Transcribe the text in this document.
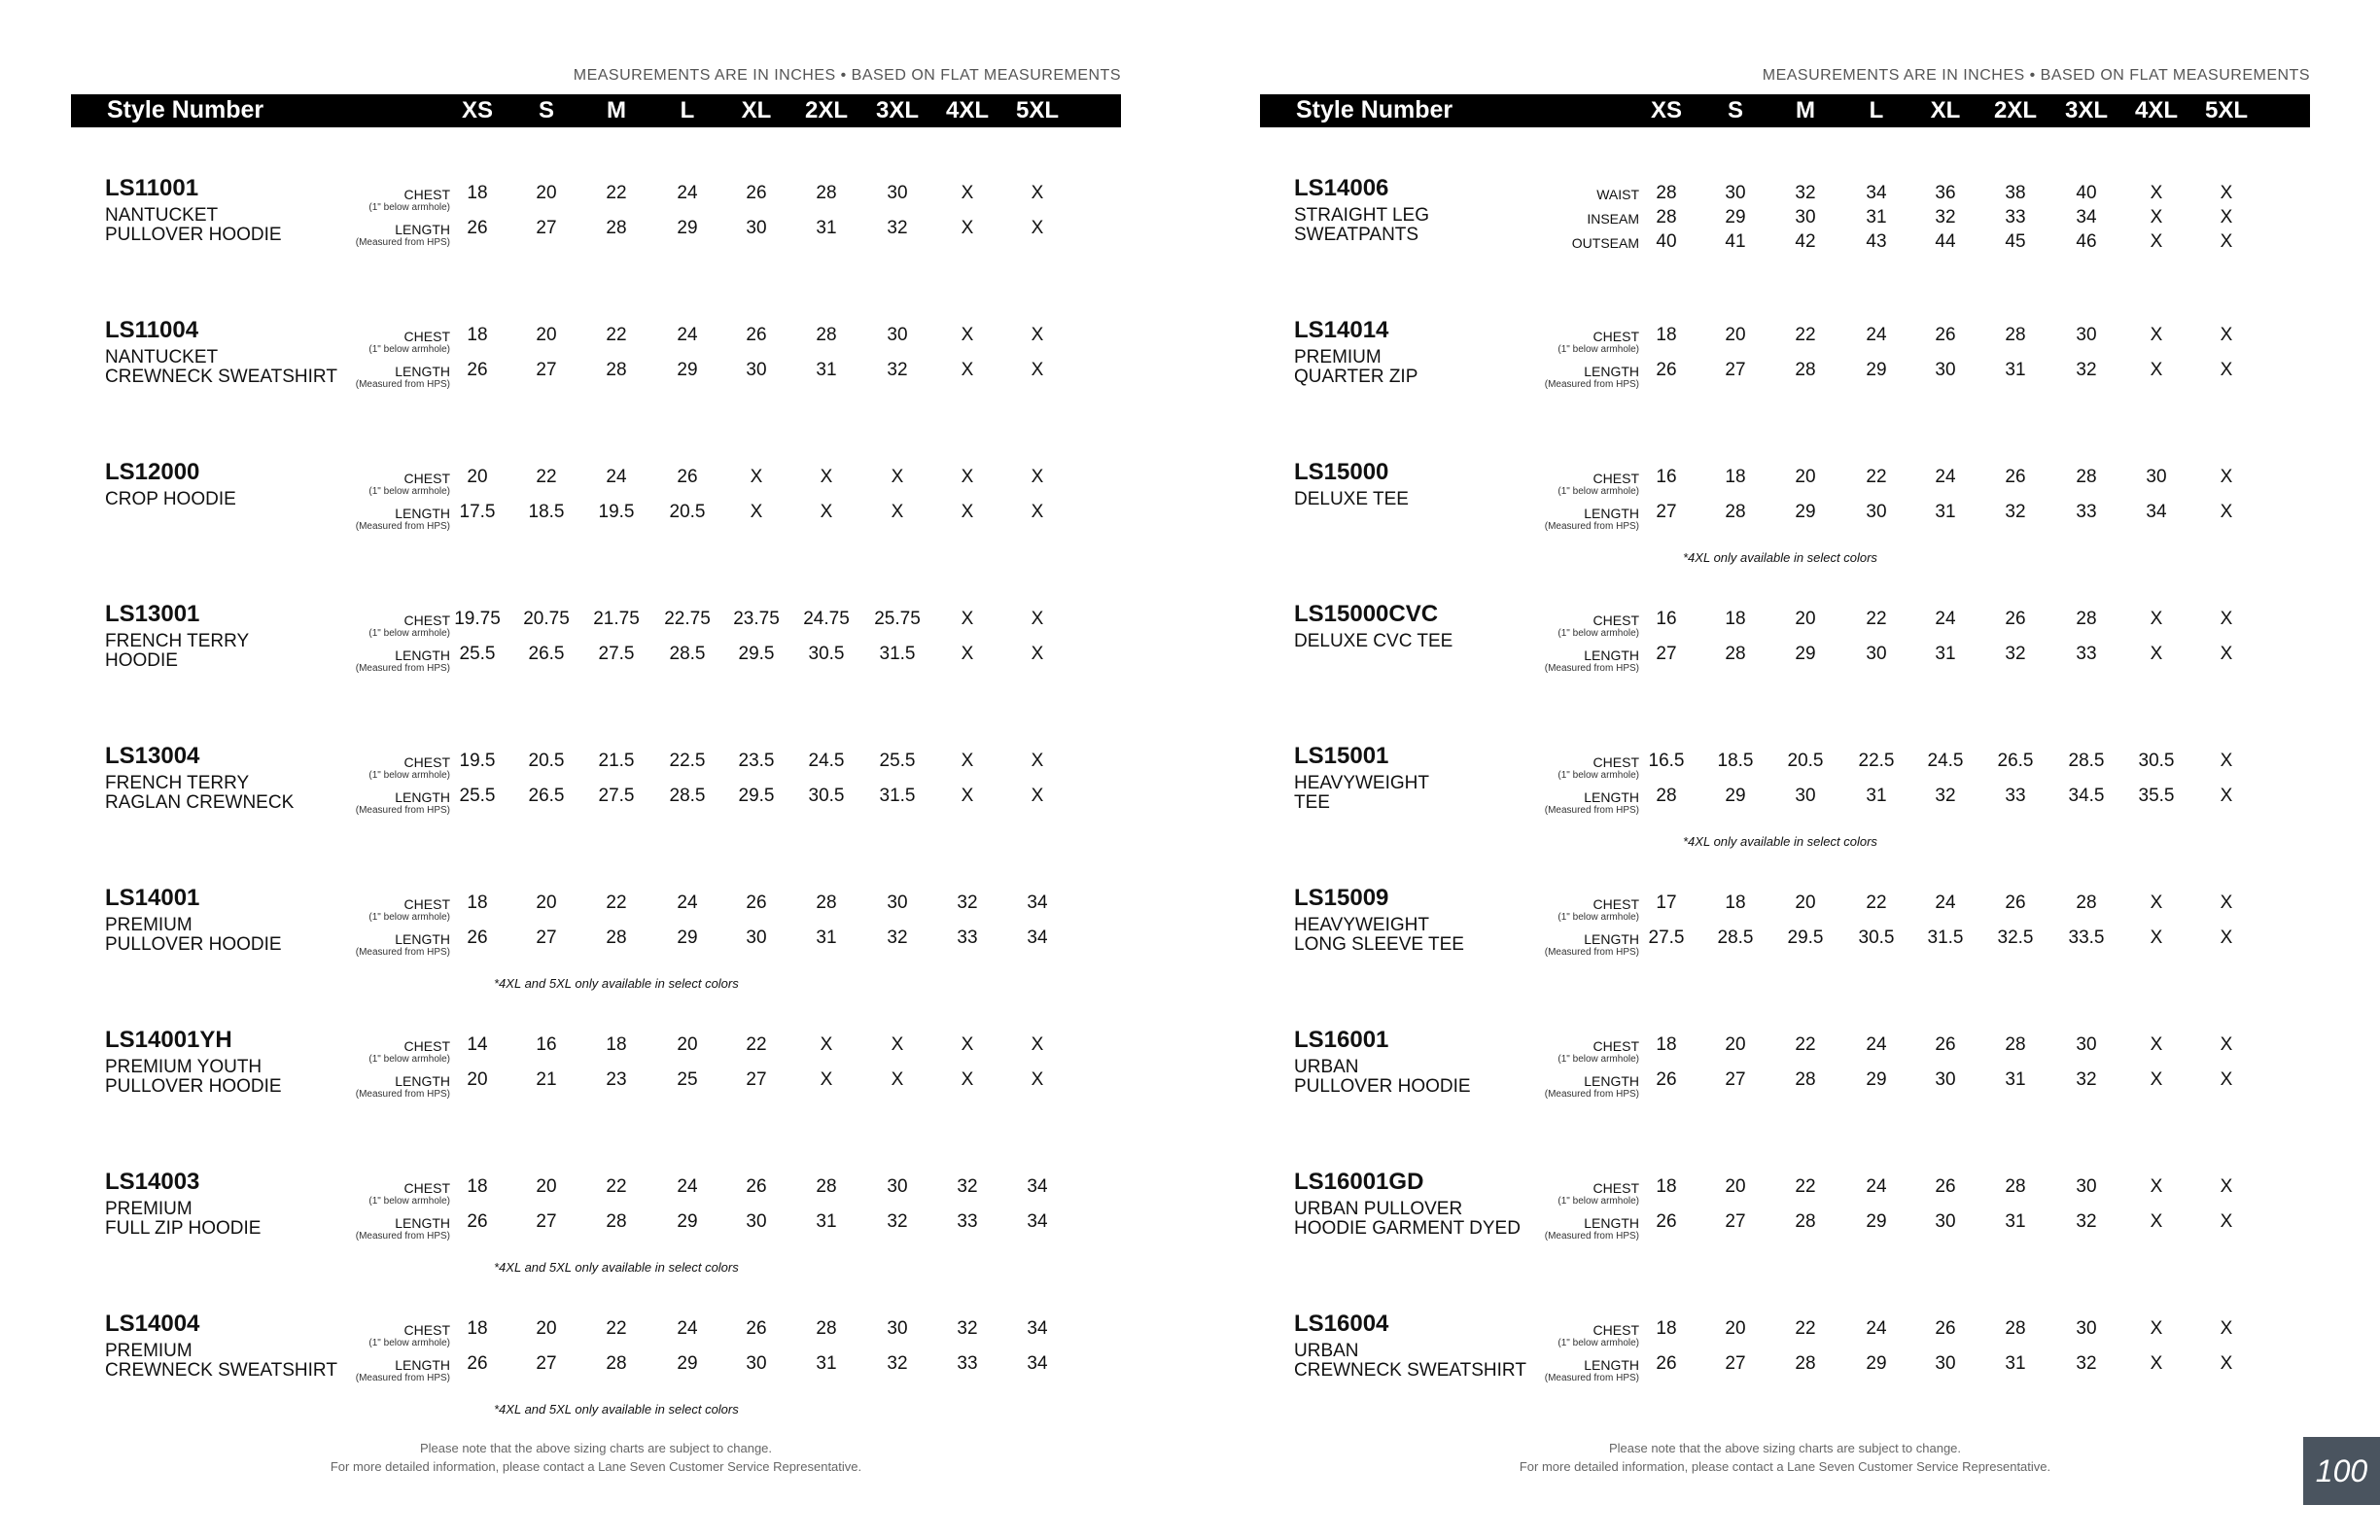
MEASUREMENTS ARE IN INCHES • BASED ON FLAT MEASUREMENTS
Style Number	XS	S	M	L	XL	2XL	3XL	4XL	5XL
LS11001
NANTUCKET
PULLOVER HOODIE
CHEST
(1" below armhole)
18	20	22	24	26	28	30	X	X
LENGTH
(Measured from HPS)
26	27	28	29	30	31	32	X	X
LS11004
NANTUCKET
CREWNECK SWEATSHIRT
CHEST
(1" below armhole)
18	20	22	24	26	28	30	X	X
LENGTH
(Measured from HPS)
26	27	28	29	30	31	32	X	X
LS12000
CROP HOODIE
CHEST
(1" below armhole)
20	22	24	26	X	X	X	X	X
LENGTH
(Measured from HPS)
17.5	18.5	19.5	20.5	X	X	X	X	X
LS13001
FRENCH TERRY
HOODIE
CHEST
(1" below armhole)
19.75	20.75	21.75	22.75	23.75	24.75	25.75	X	X
LENGTH
(Measured from HPS)
25.5	26.5	27.5	28.5	29.5	30.5	31.5	X	X
LS13004
FRENCH TERRY
RAGLAN CREWNECK
CHEST
(1" below armhole)
19.5	20.5	21.5	22.5	23.5	24.5	25.5	X	X
LENGTH
(Measured from HPS)
25.5	26.5	27.5	28.5	29.5	30.5	31.5	X	X
LS14001
PREMIUM
PULLOVER HOODIE
CHEST
(1" below armhole)
18	20	22	24	26	28	30	32	34
LENGTH
(Measured from HPS)
26	27	28	29	30	31	32	33	34
*4XL and 5XL only available in select colors
LS14001YH
PREMIUM YOUTH
PULLOVER HOODIE
CHEST
(1" below armhole)
14	16	18	20	22	X	X	X	X
LENGTH
(Measured from HPS)
20	21	23	25	27	X	X	X	X
LS14003
PREMIUM
FULL ZIP HOODIE
CHEST
(1" below armhole)
18	20	22	24	26	28	30	32	34
LENGTH
(Measured from HPS)
26	27	28	29	30	31	32	33	34
*4XL and 5XL only available in select colors
LS14004
PREMIUM
CREWNECK SWEATSHIRT
CHEST
(1" below armhole)
18	20	22	24	26	28	30	32	34
LENGTH
(Measured from HPS)
26	27	28	29	30	31	32	33	34
*4XL and 5XL only available in select colors
Please note that the above sizing charts are subject to change.
For more detailed information, please contact a Lane Seven Customer Service Representative.
MEASUREMENTS ARE IN INCHES • BASED ON FLAT MEASUREMENTS
Style Number	XS	S	M	L	XL	2XL	3XL	4XL	5XL
LS14006
STRAIGHT LEG
SWEATPANTS
WAIST 28	30	32	34	36	38	40	X	X
INSEAM 28	29	30	31	32	33	34	X	X
OUTSEAM 40	41	42	43	44	45	46	X	X
LS14014
PREMIUM
QUARTER ZIP
CHEST
(1" below armhole)
18	20	22	24	26	28	30	X	X
LENGTH
(Measured from HPS)
26	27	28	29	30	31	32	X	X
LS15000
DELUXE TEE
CHEST
(1" below armhole)
16	18	20	22	24	26	28	30	X
LENGTH
(Measured from HPS)
27	28	29	30	31	32	33	34	X
*4XL only available in select colors
LS15000CVC
DELUXE CVC TEE
CHEST
(1" below armhole)
16	18	20	22	24	26	28	X	X
LENGTH
(Measured from HPS)
27	28	29	30	31	32	33	X	X
LS15001
HEAVYWEIGHT
TEE
CHEST
(1" below armhole)
16.5	18.5	20.5	22.5	24.5	26.5	28.5	30.5	X
LENGTH
(Measured from HPS)
28	29	30	31	32	33	34.5	35.5	X
*4XL only available in select colors
LS15009
HEAVYWEIGHT
LONG SLEEVE TEE
CHEST
(1" below armhole)
17	18	20	22	24	26	28	X	X
LENGTH
(Measured from HPS)
27.5	28.5	29.5	30.5	31.5	32.5	33.5	X	X
LS16001
URBAN
PULLOVER HOODIE
CHEST
(1" below armhole)
18	20	22	24	26	28	30	X	X
LENGTH
(Measured from HPS)
26	27	28	29	30	31	32	X	X
LS16001GD
URBAN PULLOVER
HOODIE GARMENT DYED
CHEST
(1" below armhole)
18	20	22	24	26	28	30	X	X
LENGTH
(Measured from HPS)
26	27	28	29	30	31	32	X	X
LS16004
URBAN
CREWNECK SWEATSHIRT
CHEST
(1" below armhole)
18	20	22	24	26	28	30	X	X
LENGTH
(Measured from HPS)
26	27	28	29	30	31	32	X	X
Please note that the above sizing charts are subject to change.
For more detailed information, please contact a Lane Seven Customer Service Representative.	100
